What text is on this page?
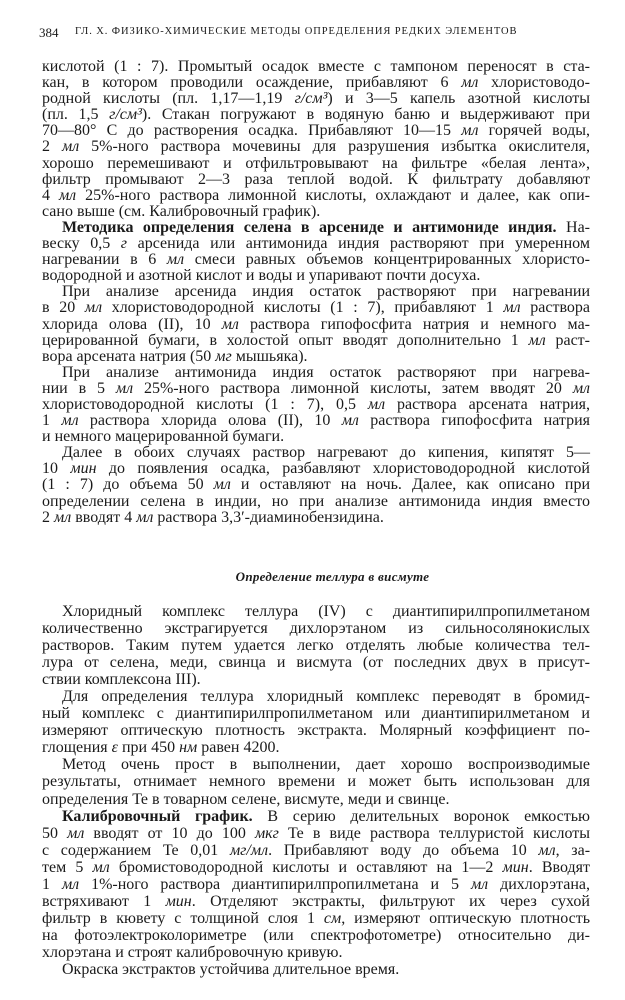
384 ГЛ. X. ФИЗИКО-ХИМИЧЕСКИЕ МЕТОДЫ ОПРЕДЕЛЕНИЯ РЕДКИХ ЭЛЕМЕНТОВ
кислотой (1 : 7). Промытый осадок вместе с тампоном переносят в ста-
кан, в котором проводили осаждение, прибавляют 6 мл хлористоводо-
родной кислоты (пл. 1,17—1,19 г/см³) и 3—5 капель азотной кислоты
(пл. 1,5 г/см³). Стакан погружают в водяную баню и выдерживают при
70—80° С до растворения осадка. Прибавляют 10—15 мл горячей воды,
2 мл 5%-ного раствора мочевины для разрушения избытка окислителя,
хорошо перемешивают и отфильтровывают на фильтре «белая лента»,
фильтр промывают 2—3 раза теплой водой. К фильтрату добавляют
4 мл 25%-ного раствора лимонной кислоты, охлаждают и далее, как опи-
сано выше (см. Калибровочный график).
Методика определения селена в арсениде и антимониде индия. На-
веску 0,5 г арсенида или антимонида индия растворяют при умеренном
нагревании в 6 мл смеси равных объемов концентрированных хлористо-
водородной и азотной кислот и воды и упаривают почти досуха.
При анализе арсенида индия остаток растворяют при нагревании
в 20 мл хлористоводородной кислоты (1 : 7), прибавляют 1 мл раствора
хлорида олова (II), 10 мл раствора гипофосфита натрия и немного ма-
церированной бумаги, в холостой опыт вводят дополнительно 1 мл раст-
вора арсената натрия (50 мг мышьяка).
При анализе антимонида индия остаток растворяют при нагрева-
нии в 5 мл 25%-ного раствора лимонной кислоты, затем вводят 20 мл
хлористоводородной кислоты (1 : 7), 0,5 мл раствора арсената натрия,
1 мл раствора хлорида олова (II), 10 мл раствора гипофосфита натрия
и немного мацерированной бумаги.
Далее в обоих случаях раствор нагревают до кипения, кипятят 5—
10 мин до появления осадка, разбавляют хлористоводородной кислотой
(1 : 7) до объема 50 мл и оставляют на ночь. Далее, как описано при
определении селена в индии, но при анализе антимонида индия вместо
2 мл вводят 4 мл раствора 3,3′-диаминобензидина.
Определение теллура в висмуте
Хлоридный комплекс теллура (IV) с диантипирилпропилметаном
количественно экстрагируется дихлорэтаном из сильносолянокислых
растворов. Таким путем удается легко отделять любые количества тел-
лура от селена, меди, свинца и висмута (от последних двух в присут-
ствии комплексона III).
Для определения теллура хлоридный комплекс переводят в бромид-
ный комплекс с диантипирилпропилметаном или диантипирилметаном и
измеряют оптическую плотность экстракта. Молярный коэффициент по-
глощения ε при 450 нм равен 4200.
Метод очень прост в выполнении, дает хорошо воспроизводимые
результаты, отнимает немного времени и может быть использован для
определения Te в товарном селене, висмуте, меди и свинце.
Калибровочный график. В серию делительных воронок емкостью
50 мл вводят от 10 до 100 мкг Te в виде раствора теллуристой кислоты
с содержанием Te 0,01 мг/мл. Прибавляют воду до объема 10 мл, за-
тем 5 мл бромистоводородной кислоты и оставляют на 1—2 мин. Вводят
1 мл 1%-ного раствора диантипирилпропилметана и 5 мл дихлорэтана,
встряхивают 1 мин. Отделяют экстракты, фильтруют их через сухой
фильтр в кювету с толщиной слоя 1 см, измеряют оптическую плотность
на фотоэлектроколориметре (или спектрофотометре) относительно ди-
хлорэтана и строят калибровочную кривую.
Окраска экстрактов устойчива длительное время.
